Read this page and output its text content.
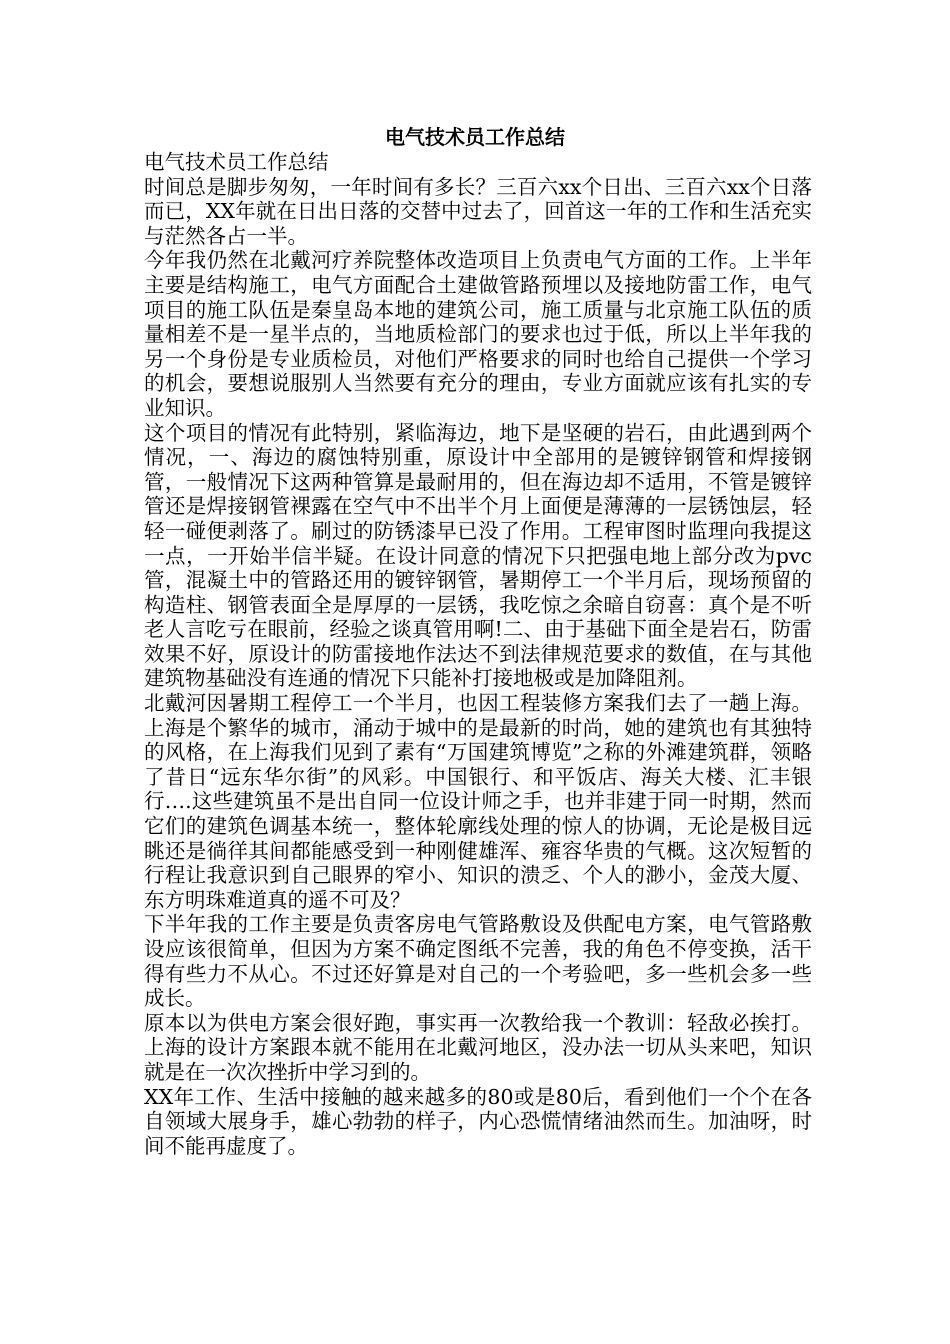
电气技术员工作总结

电气技术员工作总结

时间总是脚步匆匆，一年时间有多长？三百六xx个日出、三百六xx个日落而已，XX年就在日出日落的交替中过去了，回首这一年的工作和生活充实与茫然各占一半。

今年我仍然在北戴河疗养院整体改造项目上负责电气方面的工作。上半年主要是结构施工，电气方面配合土建做管路预埋以及接地防雷工作，电气项目的施工队伍是秦皇岛本地的建筑公司，施工质量与北京施工队伍的质量相差不是一星半点的，当地质检部门的要求也过于低，所以上半年我的另一个身份是专业质检员，对他们严格要求的同时也给自己提供一个学习的机会，要想说服别人当然要有充分的理由，专业方面就应该有扎实的专业知识。

这个项目的情况有此特别，紧临海边，地下是坚硬的岩石，由此遇到两个情况，一、海边的腐蚀特别重，原设计中全部用的是镀锌钢管和焊接钢管，一般情况下这两种管算是最耐用的，但在海边却不适用，不管是镀锌管还是焊接钢管裸露在空气中不出半个月上面便是薄薄的一层锈蚀层，轻轻一碰便剥落了。刷过的防锈漆早已没了作用。工程审图时监理向我提这一点，一开始半信半疑。在设计同意的情况下只把强电地上部分改为pvc管，混凝土中的管路还用的镀锌钢管，暑期停工一个半月后，现场预留的构造柱、钢管表面全是厚厚的一层锈，我吃惊之余暗自窃喜：真个是不听老人言吃亏在眼前，经验之谈真管用啊!二、由于基础下面全是岩石，防雷效果不好，原设计的防雷接地作法达不到法律规范要求的数值，在与其他建筑物基础没有连通的情况下只能补打接地极或是加降阻剂。

北戴河因暑期工程停工一个半月，也因工程装修方案我们去了一趟上海。上海是个繁华的城市，涌动于城中的是最新的时尚，她的建筑也有其独特的风格，在上海我们见到了素有“万国建筑博览”之称的外滩建筑群，领略了昔日“远东华尔街”的风彩。中国银行、和平饭店、海关大楼、汇丰银行….这些建筑虽不是出自同一位设计师之手，也并非建于同一时期，然而它们的建筑色调基本统一，整体轮廓线处理的惊人的协调，无论是极目远眺还是徜徉其间都能感受到一种刚健雄浑、雍容华贵的气概。这次短暂的行程让我意识到自己眼界的窄小、知识的溃乏、个人的渺小，金茂大厦、东方明珠难道真的遥不可及？

下半年我的工作主要是负责客房电气管路敷设及供配电方案，电气管路敷设应该很简单，但因为方案不确定图纸不完善，我的角色不停变换，活干得有些力不从心。不过还好算是对自己的一个考验吧，多一些机会多一些成长。

原本以为供电方案会很好跑，事实再一次教给我一个教训：轻敌必挨打。上海的设计方案跟本就不能用在北戴河地区，没办法一切从头来吧，知识就是在一次次挫折中学习到的。

XX年工作、生活中接触的越来越多的80或是80后，看到他们一个个在各自领域大展身手，雄心勃勃的样子，内心恐慌情绪油然而生。加油呀，时间不能再虚度了。
